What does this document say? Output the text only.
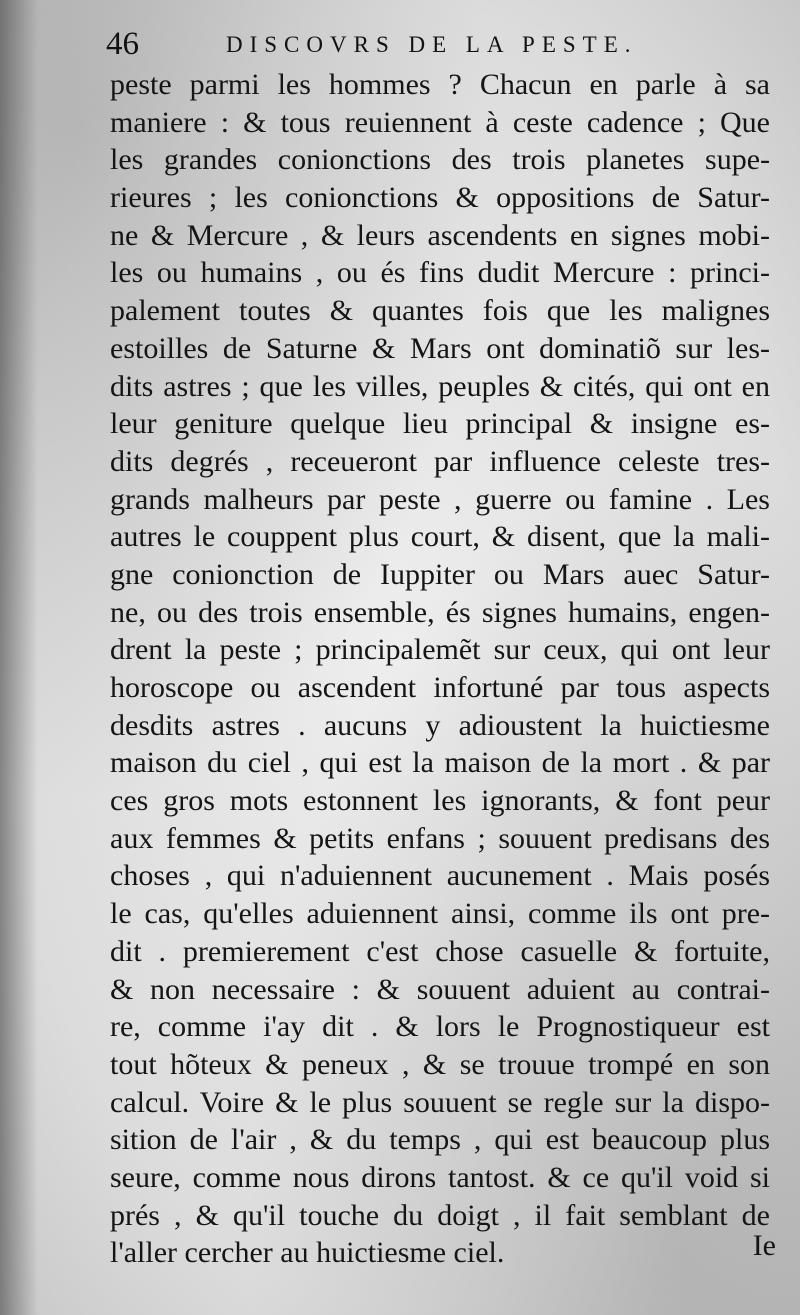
46	DISCOVRS DE LA PESTE.
peste parmi les hommes ? Chacun en parle à sa
maniere : & tous reuiennent à ceste cadence ; Que
les grandes conionctions des trois planetes supe-
rieures ; les conionctions & oppositions de Satur-
ne & Mercure , & leurs ascendents en signes mobi-
les ou humains , ou és fins dudit Mercure : princi-
palement toutes & quantes fois que les malignes
estoilles de Saturne & Mars ont dominatiõ sur les-
dits astres ; que les villes, peuples & cités, qui ont en
leur geniture quelque lieu principal & insigne es-
dits degrés , receueront par influence celeste tres-
grands malheurs par peste , guerre ou famine . Les
autres le couppent plus court, & disent, que la mali-
gne conionction de Iuppiter ou Mars auec Satur-
ne, ou des trois ensemble, és signes humains, engen-
drent la peste ; principalemẽt sur ceux, qui ont leur
horoscope ou ascendent infortuné par tous aspects
desdits astres . aucuns y adioustent la huictiesme
maison du ciel , qui est la maison de la mort . & par
ces gros mots estonnent les ignorants, & font peur
aux femmes & petits enfans ; souuent predisans des
choses , qui n'aduiennent aucunement . Mais posés
le cas, qu'elles aduiennent ainsi, comme ils ont pre-
dit . premierement c'est chose casuelle & fortuite,
& non necessaire : & souuent aduient au contrai-
re, comme i'ay dit . & lors le Prognostiqueur est
tout hõteux & peneux , & se trouue trompé en son
calcul. Voire & le plus souuent se regle sur la dispo-
sition de l'air , & du temps , qui est beaucoup plus
seure, comme nous dirons tantost. & ce qu'il void si
prés , & qu'il touche du doigt , il fait semblant de
l'aller cercher au huictiesme ciel.	Ie
